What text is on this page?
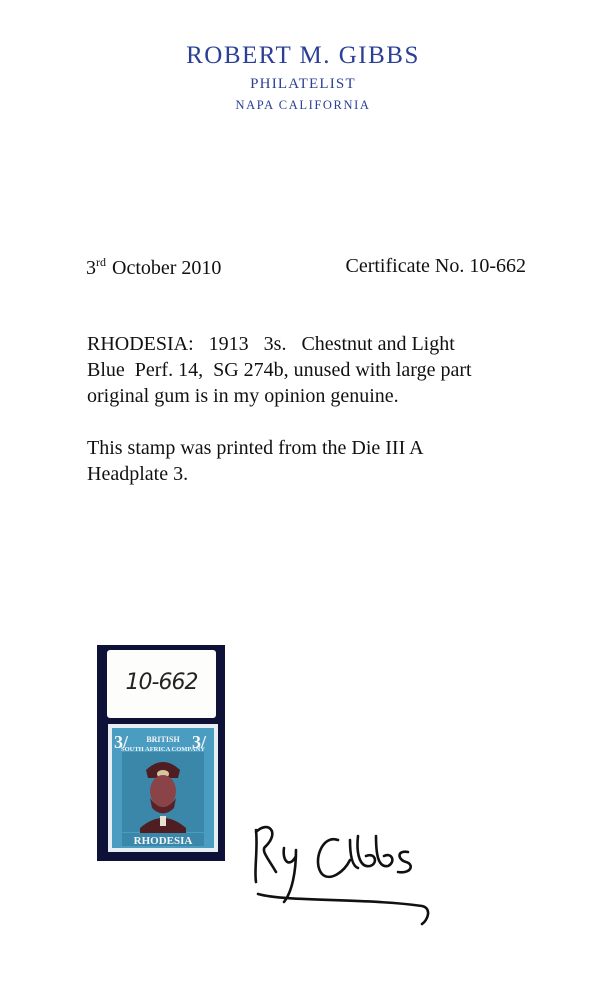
ROBERT M. GIBBS
PHILATELIST
NAPA CALIFORNIA
3rd October 2010	Certificate No. 10-662
RHODESIA:   1913   3s.   Chestnut and Light
Blue  Perf. 14,  SG 274b, unused with large part
original gum is in my opinion genuine.
This stamp was printed from the Die III A
Headplate 3.
10-662
3/	3/
BRITISH
SOUTH AFRICA COMPANY
RHODESIA
